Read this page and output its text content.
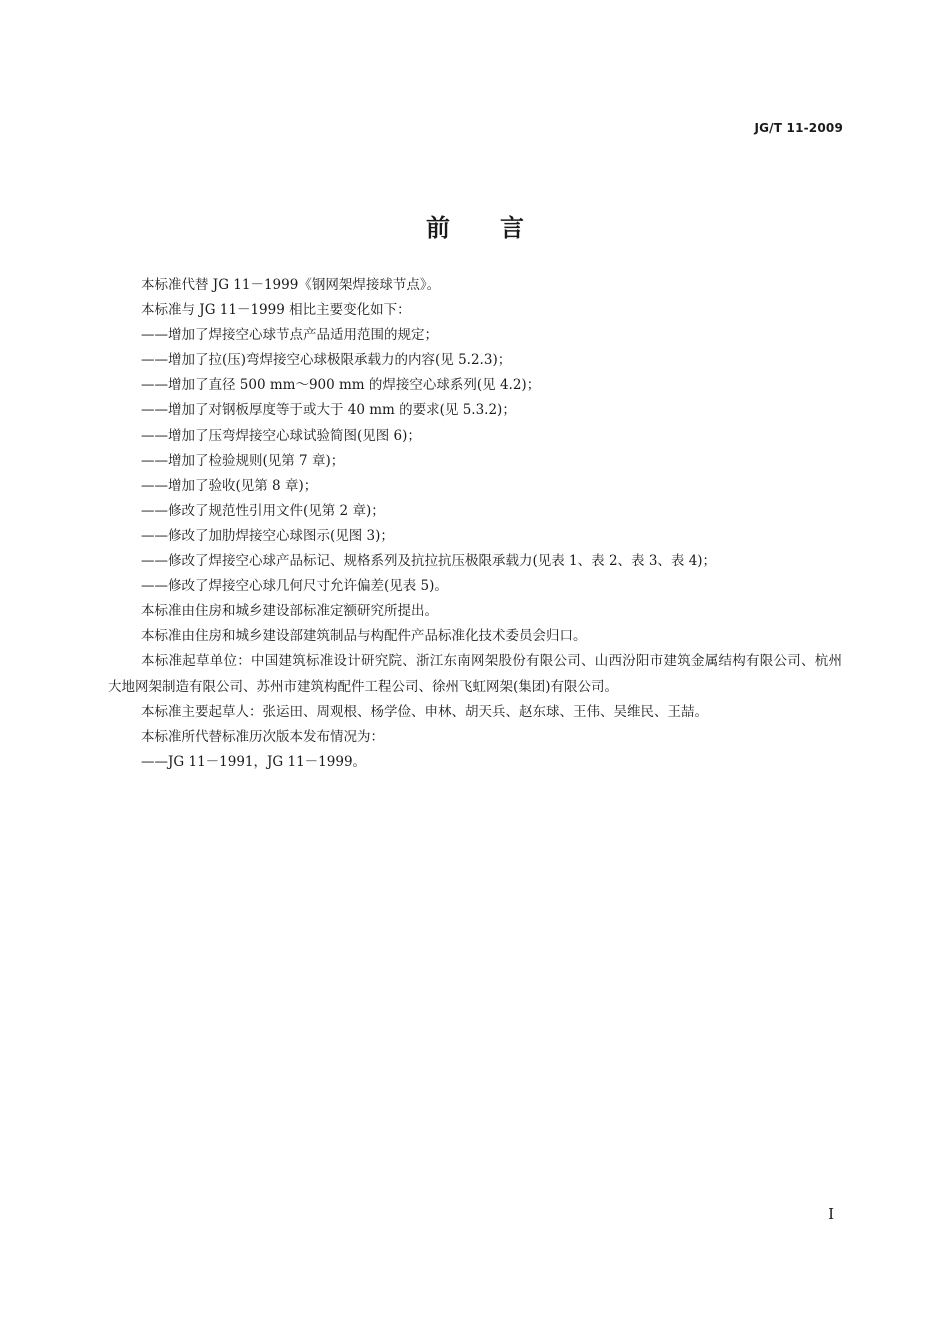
JG/T 11-2009
前言

本标准代替 JG 11－1999《钢网架焊接球节点》。

本标准与 JG 11－1999 相比主要变化如下：

——增加了焊接空心球节点产品适用范围的规定；

——增加了拉(压)弯焊接空心球极限承载力的内容(见 5.2.3)；

——增加了直径 500 mm～900 mm 的焊接空心球系列(见 4.2)；

——增加了对钢板厚度等于或大于 40 mm 的要求(见 5.3.2)；

——增加了压弯焊接空心球试验简图(见图 6)；

——增加了检验规则(见第 7 章)；

——增加了验收(见第 8 章)；

——修改了规范性引用文件(见第 2 章)；

——修改了加肋焊接空心球图示(见图 3)；

——修改了焊接空心球产品标记、规格系列及抗拉抗压极限承载力(见表 1、表 2、表 3、表 4)；

——修改了焊接空心球几何尺寸允许偏差(见表 5)。

本标准由住房和城乡建设部标准定额研究所提出。

本标准由住房和城乡建设部建筑制品与构配件产品标准化技术委员会归口。

本标准起草单位：中国建筑标准设计研究院、浙江东南网架股份有限公司、山西汾阳市建筑金属结构有限公司、杭州大地网架制造有限公司、苏州市建筑构配件工程公司、徐州飞虹网架(集团)有限公司。

本标准主要起草人：张运田、周观根、杨学俭、申林、胡天兵、赵东球、王伟、吴维民、王喆。

本标准所代替标准历次版本发布情况为：

——JG 11－1991，JG 11－1999。

I
